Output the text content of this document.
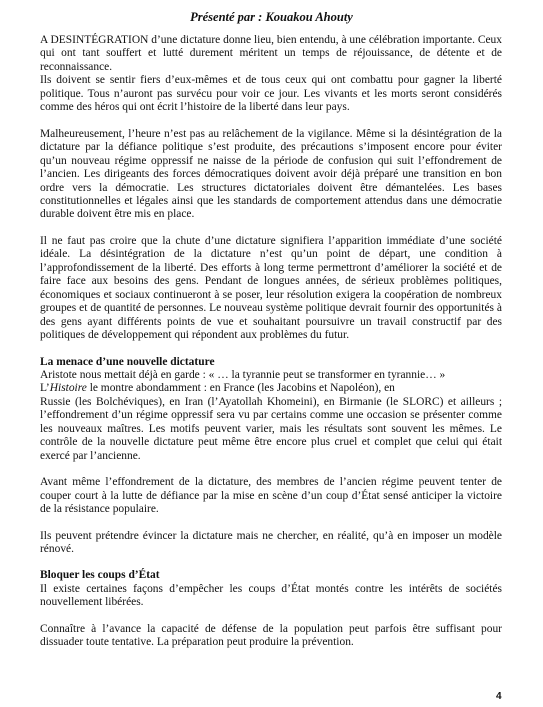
Présenté par : Kouakou Ahouty

A DESINTÉGRATION d’une dictature donne lieu, bien entendu, à une célébration importante. Ceux qui ont tant souffert et lutté durement méritent un temps de réjouissance, de détente et de reconnaissance.

Ils doivent se sentir fiers d’eux-mêmes et de tous ceux qui ont combattu pour gagner la liberté politique. Tous n’auront pas survécu pour voir ce jour. Les vivants et les morts seront considérés comme des héros qui ont écrit l’histoire de la liberté dans leur pays.

Malheureusement, l’heure n’est pas au relâchement de la vigilance. Même si la désintégration de la dictature par la défiance politique s’est produite, des précautions s’imposent encore pour éviter qu’un nouveau régime oppressif ne naisse de la période de confusion qui suit l’effondrement de l’ancien. Les dirigeants des forces démocratiques doivent avoir déjà préparé une transition en bon ordre vers la démocratie. Les structures dictatoriales doivent être démantelées. Les bases constitutionnelles et légales ainsi que les standards de comportement attendus dans une démocratie durable doivent être mis en place.

Il ne faut pas croire que la chute d’une dictature signifiera l’apparition immédiate d’une société idéale. La désintégration de la dictature n’est qu’un point de départ, une condition à l’approfondissement de la liberté. Des efforts à long terme permettront d’améliorer la société et de faire face aux besoins des gens. Pendant de longues années, de sérieux problèmes politiques, économiques et sociaux continueront à se poser, leur résolution exigera la coopération de nombreux groupes et de quantité de personnes. Le nouveau système politique devrait fournir des opportunités à des gens ayant différents points de vue et souhaitant poursuivre un travail constructif par des politiques de développement qui répondent aux problèmes du futur.

La menace d’une nouvelle dictature

Aristote nous mettait déjà en garde : « … la tyrannie peut se transformer en tyrannie… »

L’Histoire le montre abondamment : en France (les Jacobins et Napoléon), en

Russie (les Bolchéviques), en Iran (l’Ayatollah Khomeini), en Birmanie (le SLORC) et ailleurs ; l’effondrement d’un régime oppressif sera vu par certains comme une occasion se présenter comme les nouveaux maîtres. Les motifs peuvent varier, mais les résultats sont souvent les mêmes. Le contrôle de la nouvelle dictature peut même être encore plus cruel et complet que celui qui était exercé par l’ancienne.

Avant même l’effondrement de la dictature, des membres de l’ancien régime peuvent tenter de couper court à la lutte de défiance par la mise en scène d’un coup d’État sensé anticiper la victoire de la résistance populaire.

Ils peuvent prétendre évincer la dictature mais ne chercher, en réalité, qu’à en imposer un modèle rénové.

Bloquer les coups d’État

Il existe certaines façons d’empêcher les coups d’État montés contre les intérêts de sociétés nouvellement libérées.

Connaître à l’avance la capacité de défense de la population peut parfois être suffisant pour dissuader toute tentative. La préparation peut produire la prévention.

4
